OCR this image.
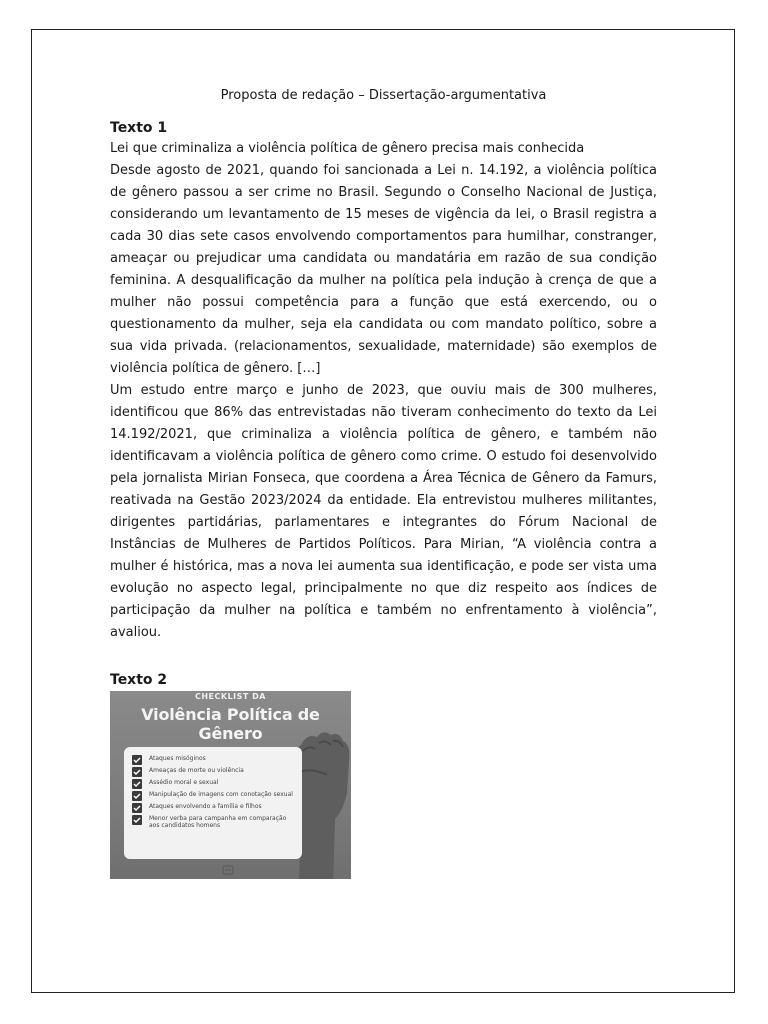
Proposta de redação – Dissertação-argumentativa

Texto 1

Lei que criminaliza a violência política de gênero precisa mais conhecida

Desde agosto de 2021, quando foi sancionada a Lei n. 14.192, a violência política de gênero passou a ser crime no Brasil. Segundo o Conselho Nacional de Justiça, considerando um levantamento de 15 meses de vigência da lei, o Brasil registra a cada 30 dias sete casos envolvendo comportamentos para humilhar, constranger, ameaçar ou prejudicar uma candidata ou mandatária em razão de sua condição feminina. A desqualificação da mulher na política pela indução à crença de que a mulher não possui competência para a função que está exercendo, ou o questionamento da mulher, seja ela candidata ou com mandato político, sobre a sua vida privada. (relacionamentos, sexualidade, maternidade) são exemplos de violência política de gênero. […]

Um estudo entre março e junho de 2023, que ouviu mais de 300 mulheres, identificou que 86% das entrevistadas não tiveram conhecimento do texto da Lei 14.192/2021, que criminaliza a violência política de gênero, e também não identificavam a violência política de gênero como crime. O estudo foi desenvolvido pela jornalista Mirian Fonseca, que coordena a Área Técnica de Gênero da Famurs, reativada na Gestão 2023/2024 da entidade. Ela entrevistou mulheres militantes, dirigentes partidárias, parlamentares e integrantes do Fórum Nacional de Instâncias de Mulheres de Partidos Políticos. Para Mirian, “A violência contra a mulher é histórica, mas a nova lei aumenta sua identificação, e pode ser vista uma evolução no aspecto legal, principalmente no que diz respeito aos índices de participação da mulher na política e também no enfrentamento à violência”, avaliou.

Texto 2

CHECKLIST DA
Violência Política de Gênero
Ataques misóginos
Ameaças de morte ou violência
Assédio moral e sexual
Manipulação de imagens com conotação sexual
Ataques envolvendo a família e filhos
Menor verba para campanha em comparação aos candidatos homens
